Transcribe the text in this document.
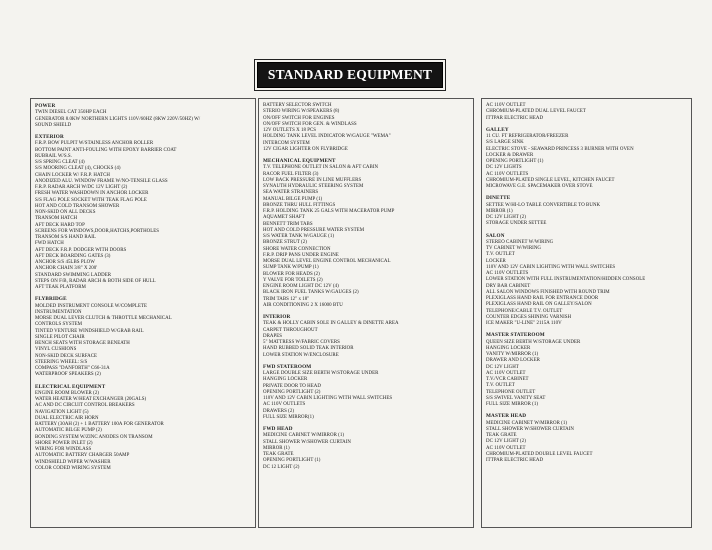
STANDARD EQUIPMENT
POWER
TWIN DIESEL CAT 350HP EACH
GENERATOR 8.0KW NORTHERN LIGHTS 110V/60HZ (8KW 220V/50HZ) W/
SOUND SHIELD
EXTERIOR
F.R.P. BOW PULPIT W/STAINLESS ANCHOR ROLLER
BOTTOM PAINT ANTI-FOULING WITH EPOXY BARRIER COAT
RUBRAIL W/S.S.
S/S SPRING CLEAT (4)
S/S MOORING CLEAT (4), CHOCKS (4)
CHAIN LOCKER W/ F.R.P. HATCH
ANODIZED ALU. WINDOW FRAME W/NO-TENSILE GLASS
F.R.P. RADAR ARCH W/DC 12V LIGHT (2)
FRESH WATER WASHDOWN IN ANCHOR LOCKER
S/S FLAG POLE SOCKET WITH TEAK FLAG POLE
HOT AND COLD TRANSOM SHOWER
NON-SKID ON ALL DECKS
TRANSOM HATCH
AFT DECK HARD TOP
SCREENS FOR WINDOWS,DOOR,HATCHS,PORTHOLES
TRANSOM S/S HAND RAIL
FWD HATCH
AFT DECK F.R.P. DODGER WITH DOORS
AFT DECK BOARDING GATES (3)
ANCHOR S/S 45LBS PLOW
ANCHOR CHAIN 3/8" X 200'
STANDARD SWIMMING LADDER
STEPS ON F/B, RADAR ARCH & BOTH SIDE OF HULL
AFT TEAK PLATFORM
FLYBRIDGE
MOLDED INSTRUMENT CONSOLE W/COMPLETE
INSTRUMENTATION
MORSE DUAL LEVER CLUTCH & THROTTLE MECHANICAL
CONTROLS SYSTEM
TINTED VENTURE WINDSHIELD W/GRAB RAIL
SINGLE PILOT CHAIR
BENCH SEATS WITH STORAGE BENEATH
VINYL CUSHIONS
NON-SKID DECK SURFACE
STEERING WHEEL: S/S
COMPASS "DANFORTH" C66-31A
WATERPROOF SPEAKERS (2)
ELECTRICAL EQUIPMENT
ENGINE ROOM BLOWER (2)
WATER HEATER W/HEAT EXCHANGER (20GALS)
AC AND DC CIRCUIT CONTROL BREAKERS
NAVIGATION LIGHT (5)
DUAL ELECTRIC AIR HORN
BATTERY (30AH (2) + 1 BATTERY 100A FOR GENERATOR
AUTOMATIC BILGE PUMP (2)
BONDING SYSTEM W/ZINC ANODES ON TRANSOM
SHORE POWER INLET (2)
WIRING FOR WINDLASS
AUTOMATIC BATTERY CHARGER 50AMP
WINDSHIELD WIPER W/WASHER
COLOR CODED WIRING SYSTEM
BATTERY SELECTOR SWITCH
STERIO WIRING W/SPEAKERS (8)
ON/OFF SWITCH FOR ENGINES
ON/OFF SWITCH FOR GEN. & WINDLASS
12V OUTLETS X 18 PCS
HOLDING TANK LEVEL INDICATOR W/GAUGE "WEMA"
INTERCOM SYSTEM
12V CIGAR LIGHTER ON FLYBRIDGE
MECHANICAL EQUIPMENT
T.V. TELEPHONE OUTLET IN SALON & AFT CABIN
RACOR FUEL FILTER (3)
LOW BACK PRESSURE IN LINE MUFFLERS
SYNAUTH HYDRAULIC STEERING SYSTEM
SEA WATER STRAINERS
MANUAL BILGE PUMP (1)
BRONZE THRU HULL FITTINGS
F.R.P. HOLDING TANK 25 GALS WITH MACERATOR PUMP
AQUAMET SHAFT
BENNETT TRIM TABS
HOT AND COLD PRESSURE WATER SYSTEM
S/S WATER TANK W/GAUGE (1)
BRONZE STRUT (2)
SHORE WATER CONNECTION
F.R.P. DRIP PANS UNDER ENGINE
MORSE DUAL LEVEL ENGINE CONTROL MECHANICAL
SUMP TANK W/PUMP (1)
BLOWER FOR HEADS (2)
Y VALVE FOR TOILETS (2)
ENGINE ROOM LIGHT DC 12V (4)
BLACK IRON FUEL TANKS W/GAUGES (2)
TRIM TABS 12" x 18"
AIR CONDITIONING 2 X 16000 BTU
INTERIOR
TEAK & HOLLY CABIN SOLE IN GALLEY & DINETTE AREA
CARPET THROUGHOUT
DRAPES
5" MATTRESS W/FABRIC COVERS
HAND RUBBED SOLID TEAK INTERIOR
LOWER STATION W/ENCLOSURE
FWD STATEROOM
LARGE DOUBLE SIZE BERTH W/STORAGE UNDER
HANGING LOCKER
PRIVATE DOOR TO HEAD
OPENING PORTLIGHT (2)
110V AND 12V CABIN LIGHTING WITH WALL SWITCHES
AC 110V OUTLETS
DRAWERS (2)
FULL SIZE MIRROR(1)
FWD HEAD
MEDICINE CABINET W/MIRROR (1)
STALL SHOWER W/SHOWER CURTAIN
MIRROR (1)
TEAK GRATE
OPENING PORTLIGHT (1)
DC 12 LIGHT (2)
AC 110V OUTLET
CHROMIUM-PLATED DUAL LEVEL FAUCET
ITTPAR ELECTRIC HEAD
GALLEY
11 CU. FT REFRIGERATOR/FREEZER
S/S LARGE SINK
ELECTRIC STOVE - SEAWARD PRINCESS 3 BURNER WITH OVEN
LOCKER & DRAWER
OPENING PORTLIGHT (1)
DC 12V LIGHTS
AC 110V OUTLETS
CHROMIUM-PLATED SINGLE LEVEL, KITCHEN FAUCET
MICROWAVE G.E. SPACEMAKER OVER STOVE
DINETTE
SETTEE W/HI-LO TABLE CONVERTIBLE TO BUNK
MIRROR (1)
DC 12V LIGHT (2)
STORAGE UNDER SETTEE
SALON
STEREO CABINET W/WIRING
TV CABINET W/WIRING
T.V. OUTLET
LOCKER
110V AND 12V CABIN LIGHTING WITH WALL SWITCHES
AC 110V OUTLETS
LOWER STATION WITH FULL INSTRUMENTATION/HIDDEN CONSOLE
DRY BAR CABINET
ALL SALON WINDOWS FINISHED WITH ROUND TRIM
PLEXIGLASS HAND RAIL FOR ENTRANCE DOOR
PLEXIGLASS HAND RAIL ON GALLEY/SALON
TELEPHONE/CABLE T.V. OUTLET
COUNTER EDGES SHINING VARNISH
ICE MAKER "U-LINE" 2115A 110V
MASTER STATEROOM
QUEEN SIZE BERTH W/STORAGE UNDER
HANGING LOCKER
VANITY W/MIRROR (1)
DRAWER AND LOCKER
DC 12V LIGHT
AC 110V OUTLET
T.V./VCR CABINET
T.V. OUTLET
TELEPHONE OUTLET
S/S SWIVEL VANITY SEAT
FULL SIZE MIRROR (1)
MASTER HEAD
MEDICINE CABINET W/MIRROR (1)
STALL SHOWER W/SHOWER CURTAIN
TEAK GRATE
DC 12V LIGHT (2)
AC 110V OUTLET
CHROMIUM-PLATED DOUBLE LEVEL FAUCET
ITTPAR ELECTRIC HEAD
